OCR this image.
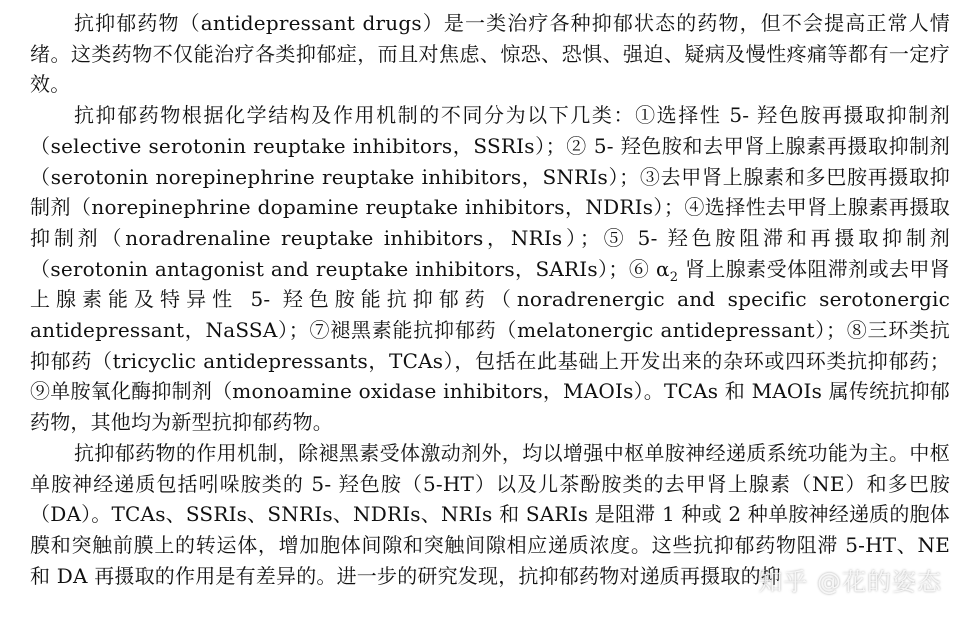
抗抑郁药物（antidepressant drugs）是一类治疗各种抑郁状态的药物，但不会提高正常人情绪。这类药物不仅能治疗各类抑郁症，而且对焦虑、惊恐、恐惧、强迫、疑病及慢性疼痛等都有一定疗效。

抗抑郁药物根据化学结构及作用机制的不同分为以下几类：①选择性 5- 羟色胺再摄取抑制剂（selective serotonin reuptake inhibitors，SSRIs）；② 5- 羟色胺和去甲肾上腺素再摄取抑制剂（serotonin norepinephrine reuptake inhibitors，SNRIs）；③去甲肾上腺素和多巴胺再摄取抑制剂（norepinephrine dopamine reuptake inhibitors，NDRIs）；④选择性去甲肾上腺素再摄取抑制剂（noradrenaline reuptake inhibitors，NRIs）；⑤ 5- 羟色胺阻滞和再摄取抑制剂（serotonin antagonist and reuptake inhibitors，SARIs）；⑥ $\alpha_2$ 肾上腺素受体阻滞剂或去甲肾上腺素能及特异性 5- 羟色胺能抗抑郁药（noradrenergic and specific serotonergic antidepressant，NaSSA）；⑦褪黑素能抗抑郁药（melatonergic antidepressant）；⑧三环类抗抑郁药（tricyclic antidepressants，TCAs），包括在此基础上开发出来的杂环或四环类抗抑郁药；⑨单胺氧化酶抑制剂（monoamine oxidase inhibitors，MAOIs）。TCAs 和 MAOIs 属传统抗抑郁药物，其他均为新型抗抑郁药物。

抗抑郁药物的作用机制，除褪黑素受体激动剂外，均以增强中枢单胺神经递质系统功能为主。中枢单胺神经递质包括吲哚胺类的 5- 羟色胺（5-HT）以及儿茶酚胺类的去甲肾上腺素（NE）和多巴胺（DA）。TCAs、SSRIs、SNRIs、NDRIs、NRIs 和 SARIs 是阻滞 1 种或 2 种单胺神经递质的胞体膜和突触前膜上的转运体，增加胞体间隙和突触间隙相应递质浓度。这些抗抑郁药物阻滞 5-HT、NE 和 DA 再摄取的作用是有差异的。进一步的研究发现，抗抑郁药物对递质再摄取的抑

知乎 @花的姿态
